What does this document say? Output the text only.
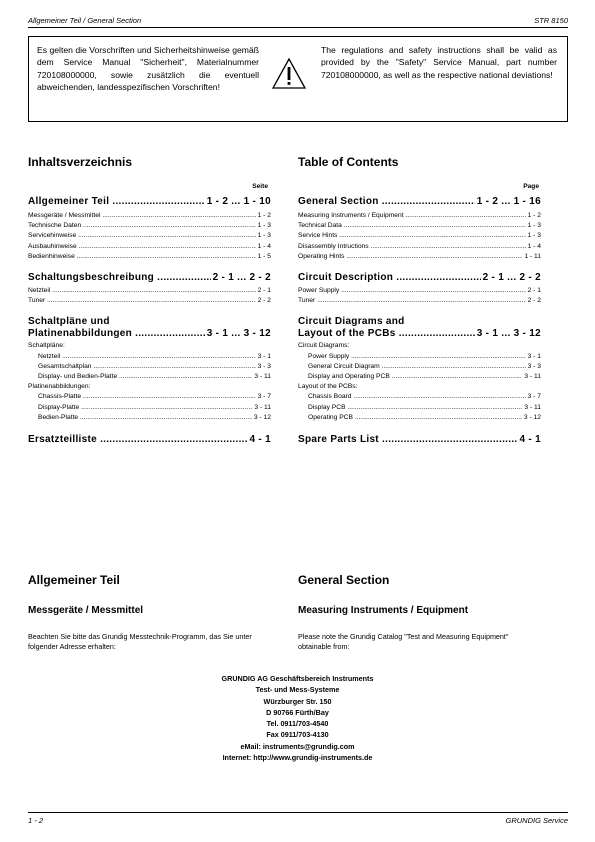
Allgemeiner Teil / General Section	STR 8150
Es gelten die Vorschriften und Sicherheitshinweise gemäß dem Service Manual "Sicherheit", Materialnummer 720108000000, sowie zusätzlich die eventuell abweichenden, landesspezifischen Vorschriften!
The regulations and safety instructions shall be valid as provided by the "Safety" Service Manual, part number 720108000000, as well as the respective national deviations!
Inhaltsverzeichnis	Table of Contents
Seite	Page
Allgemeiner Teil .....	1 - 2 ... 1 - 10
Messgeräte / Messmittel .....	1 - 2
Technische Daten .....	1 - 3
Servicehinweise .....	1 - 3
Ausbauhinweise .....	1 - 4
Bedienhinweise .....	1 - 5
Schaltungsbeschreibung .....	2 - 1 ... 2 - 2
Netzteil .....	2 - 1
Tuner .....	2 - 2
Schaltpläne und
Platinenabbildungen .....	3 - 1 ... 3 - 12
Schaltpläne:
Netzteil .....	3 - 1
Gesamtschaltplan .....	3 - 3
Display- und Bedien-Platte .....	3 - 11
Platinenabbildungen:
Chassis-Platte .....	3 - 7
Display-Platte .....	3 - 11
Bedien-Platte .....	3 - 12
Ersatzteilliste .....	4 - 1
General Section .....	1 - 2 ... 1 - 16
Measuring Instruments / Equipment .....	1 - 2
Technical Data .....	1 - 3
Service Hints .....	1 - 3
Disassembly Intructions .....	1 - 4
Operating Hints .....	1 - 11
Circuit Description .....	2 - 1 ... 2 - 2
Power Supply .....	2 - 1
Tuner .....	2 - 2
Circuit Diagrams and
Layout of the PCBs .....	3 - 1 ... 3 - 12
Circuit Diagrams:
Power Supply .....	3 - 1
General Circuit Diagram .....	3 - 3
Display and Operating PCB .....	3 - 11
Layout of the PCBs:
Chassis Board .....	3 - 7
Display PCB .....	3 - 11
Operating PCB .....	3 - 12
Spare Parts List .....	4 - 1
Allgemeiner Teil	General Section
Messgeräte / Messmittel	Measuring Instruments / Equipment
Beachten Sie bitte das Grundig Messtechnik-Programm, das Sie unter folgender Adresse erhalten:
Please note the Grundig Catalog "Test and Measuring Equipment" obtainable from:
GRUNDIG AG Geschäftsbereich Instruments
Test- und Mess-Systeme
Würzburger Str. 150
D 90766 Fürth/Bay
Tel. 0911/703-4540
Fax 0911/703-4130
eMail: instruments@grundig.com
Internet: http://www.grundig-instruments.de
1 - 2	GRUNDIG Service
